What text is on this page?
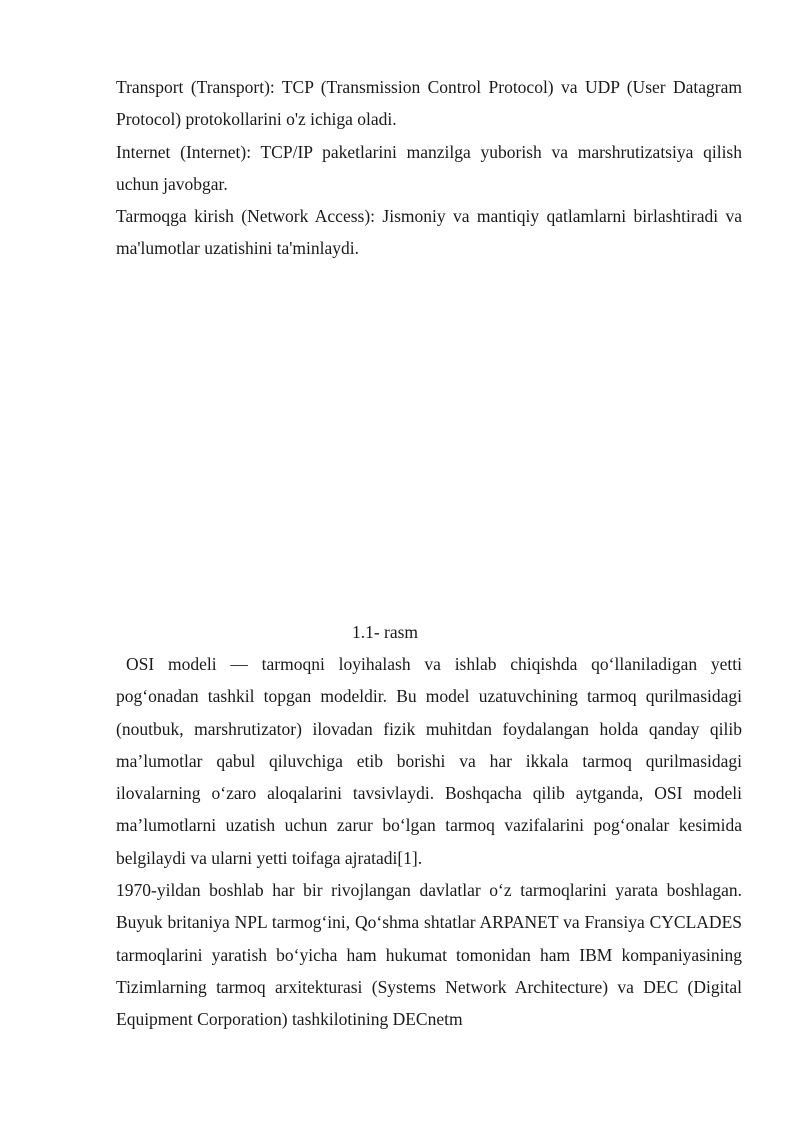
Transport (Transport): TCP (Transmission Control Protocol) va UDP (User Datagram Protocol) protokollarini o'z ichiga oladi.

Internet (Internet): TCP/IP paketlarini manzilga yuborish va marshrutizatsiya qilish uchun javobgar.

Tarmoqga kirish (Network Access): Jismoniy va mantiqiy qatlamlarni birlashtiradi va ma'lumotlar uzatishini ta'minlaydi.

1.1- rasm

OSI modeli — tarmoqni loyihalash va ishlab chiqishda qo‘llaniladigan yetti pog‘onadan tashkil topgan modeldir. Bu model uzatuvchining tarmoq qurilmasidagi (noutbuk, marshrutizator) ilovadan fizik muhitdan foydalangan holda qanday qilib ma’lumotlar qabul qiluvchiga etib borishi va har ikkala tarmoq qurilmasidagi ilovalarning o‘zaro aloqalarini tavsivlaydi. Boshqacha qilib aytganda, OSI modeli ma’lumotlarni uzatish uchun zarur bo‘lgan tarmoq vazifalarini pog‘onalar kesimida belgilaydi va ularni yetti toifaga ajratadi[1].

1970-yildan boshlab har bir rivojlangan davlatlar o‘z tarmoqlarini yarata boshlagan. Buyuk britaniya NPL tarmog‘ini, Qo‘shma shtatlar ARPANET va Fransiya CYCLADES tarmoqlarini yaratish bo‘yicha ham hukumat tomonidan ham IBM kompaniyasining Tizimlarning tarmoq arxitekturasi (Systems Network Architecture) va DEC (Digital Equipment Corporation) tashkilotining DECnetm
